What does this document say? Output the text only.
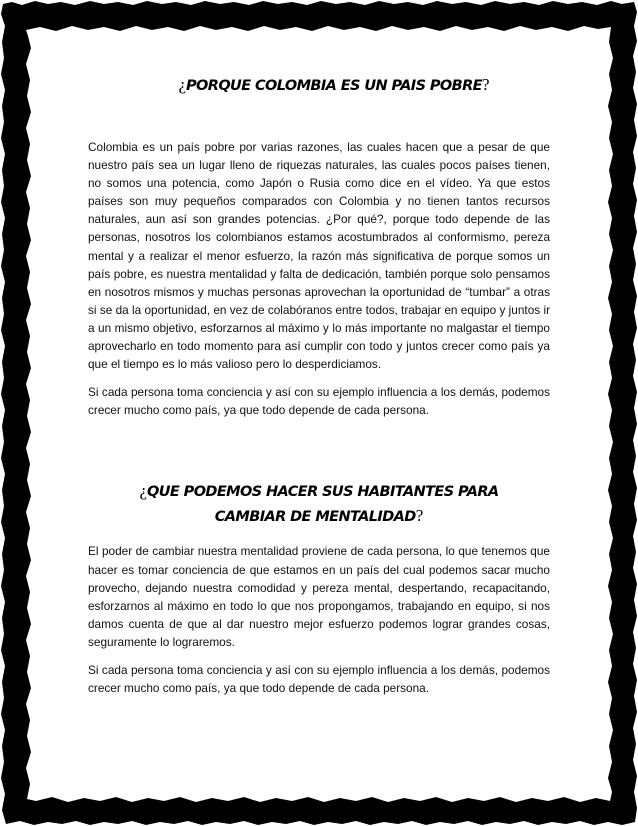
¿PORQUE COLOMBIA ES UN PAIS POBRE?

Colombia es un país pobre por varias razones, las cuales hacen que a pesar de que nuestro país sea un lugar lleno de riquezas naturales, las cuales pocos países tienen, no somos una potencia, como Japón o Rusia como dice en el vídeo. Ya que estos países son muy pequeños comparados con Colombia y no tienen tantos recursos naturales, aun así son grandes potencias. ¿Por qué?, porque todo depende de las personas, nosotros los colombianos estamos acostumbrados al conformismo, pereza mental y a realizar el menor esfuerzo, la razón más significativa de porque somos un país pobre, es nuestra mentalidad y falta de dedicación, también porque solo pensamos en nosotros mismos y muchas personas aprovechan la oportunidad de “tumbar” a otras si se da la oportunidad, en vez de colabóranos entre todos, trabajar en equipo y juntos ir a un mismo objetivo, esforzarnos al máximo y lo más importante no malgastar el tiempo aprovecharlo en todo momento para así cumplir con todo y juntos crecer como país ya que el tiempo es lo más valioso pero lo desperdiciamos.

Si cada persona toma conciencia y así con su ejemplo influencia a los demás, podemos crecer mucho como país, ya que todo depende de cada persona.

¿QUE PODEMOS HACER SUS HABITANTES PARA CAMBIAR DE MENTALIDAD?

El poder de cambiar nuestra mentalidad proviene de cada persona, lo que tenemos que hacer es tomar conciencia de que estamos en un país del cual podemos sacar mucho provecho, dejando nuestra comodidad y pereza mental, despertando, recapacitando, esforzarnos al máximo en todo lo que nos propongamos, trabajando en equipo, si nos damos cuenta de que al dar nuestro mejor esfuerzo podemos lograr grandes cosas, seguramente lo lograremos.

Si cada persona toma conciencia y así con su ejemplo influencia a los demás, podemos crecer mucho como país, ya que todo depende de cada persona.
